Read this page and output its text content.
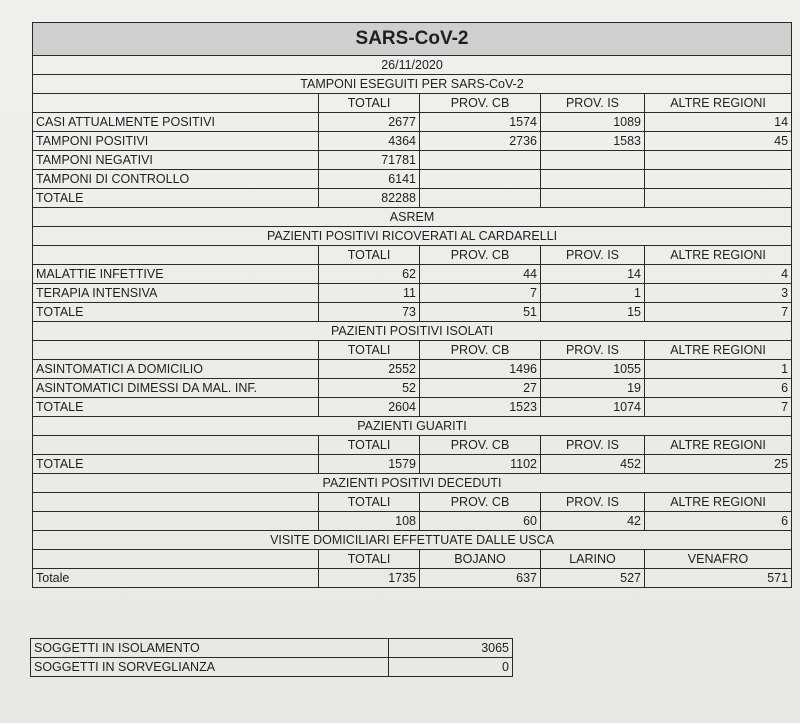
SARS-CoV-2				
26/11/2020				
TAMPONI ESEGUITI PER SARS-CoV-2				
	TOTALI	PROV. CB	PROV. IS	ALTRE REGIONI
CASI ATTUALMENTE POSITIVI	2677	1574	1089	14
TAMPONI POSITIVI	4364	2736	1583	45
TAMPONI NEGATIVI	71781			
TAMPONI DI CONTROLLO	6141			
TOTALE	82288			
ASREM				
PAZIENTI POSITIVI RICOVERATI AL CARDARELLI				
	TOTALI	PROV. CB	PROV. IS	ALTRE REGIONI
MALATTIE INFETTIVE	62	44	14	4
TERAPIA INTENSIVA	11	7	1	3
TOTALE	73	51	15	7
PAZIENTI POSITIVI ISOLATI				
	TOTALI	PROV. CB	PROV. IS	ALTRE REGIONI
ASINTOMATICI A DOMICILIO	2552	1496	1055	1
ASINTOMATICI DIMESSI DA MAL. INF.	52	27	19	6
TOTALE	2604	1523	1074	7
PAZIENTI GUARITI				
	TOTALI	PROV. CB	PROV. IS	ALTRE REGIONI
TOTALE	1579	1102	452	25
PAZIENTI POSITIVI DECEDUTI				
	TOTALI	PROV. CB	PROV. IS	ALTRE REGIONI
	108	60	42	6
VISITE DOMICILIARI EFFETTUATE DALLE USCA				
	TOTALI	BOJANO	LARINO	VENAFRO
Totale	1735	637	527	571
SOGGETTI IN ISOLAMENTO	3065
SOGGETTI IN SORVEGLIANZA	0
